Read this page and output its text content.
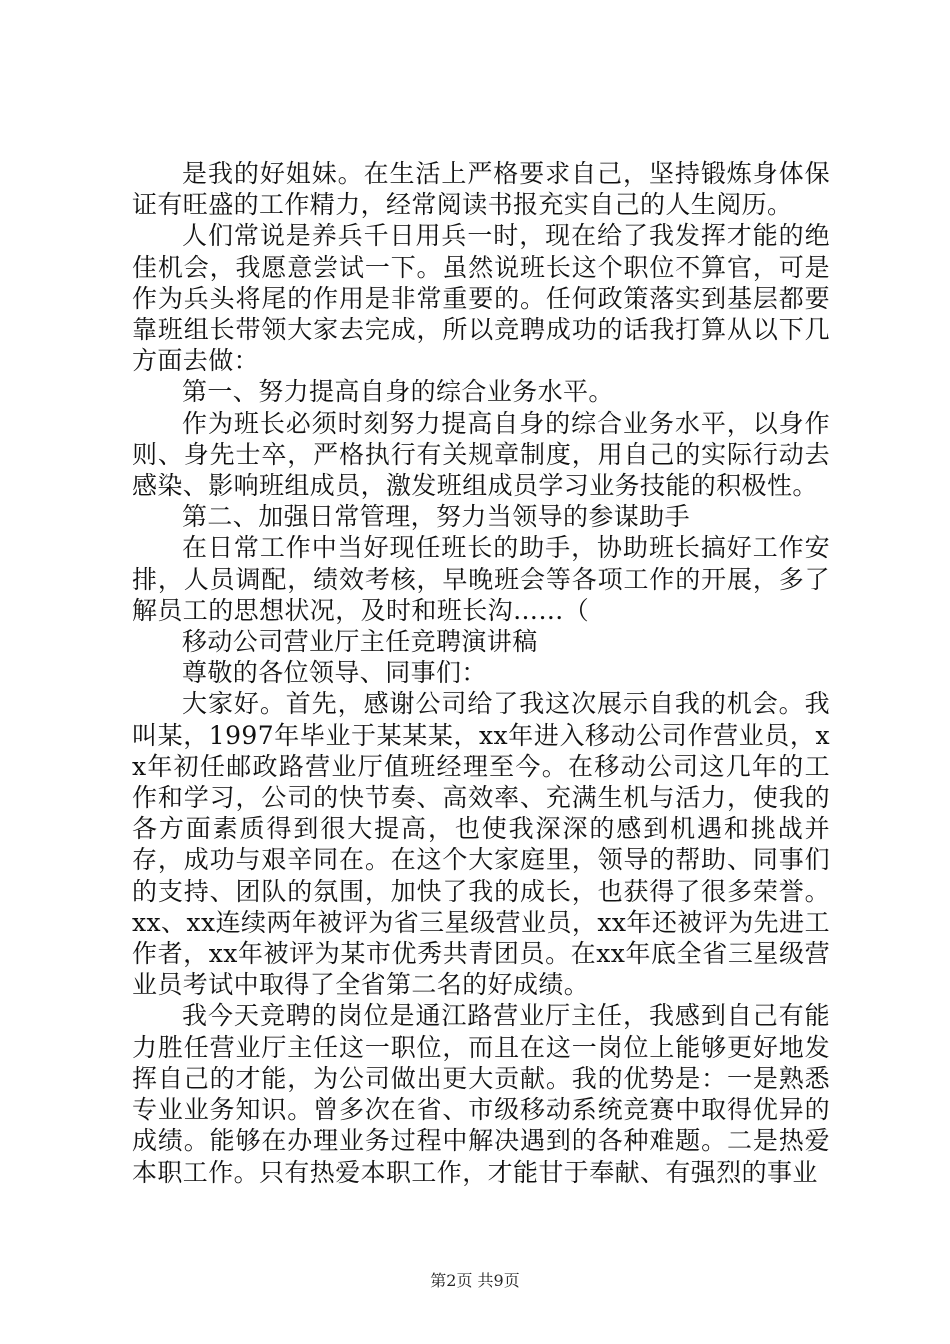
是我的好姐妹。在生活上严格要求自己，坚持锻炼身体保证有旺盛的工作精力，经常阅读书报充实自己的人生阅历。

人们常说是养兵千日用兵一时，现在给了我发挥才能的绝佳机会，我愿意尝试一下。虽然说班长这个职位不算官，可是作为兵头将尾的作用是非常重要的。任何政策落实到基层都要靠班组长带领大家去完成，所以竞聘成功的话我打算从以下几方面去做：

第一、努力提高自身的综合业务水平。

作为班长必须时刻努力提高自身的综合业务水平，以身作则、身先士卒，严格执行有关规章制度，用自己的实际行动去感染、影响班组成员，激发班组成员学习业务技能的积极性。

第二、加强日常管理，努力当领导的参谋助手

在日常工作中当好现任班长的助手，协助班长搞好工作安排，人员调配，绩效考核，早晚班会等各项工作的开展，多了解员工的思想状况，及时和班长沟……（

移动公司营业厅主任竞聘演讲稿

尊敬的各位领导、同事们：

大家好。首先，感谢公司给了我这次展示自我的机会。我叫某，1997年毕业于某某某，xx年进入移动公司作营业员，xx年初任邮政路营业厅值班经理至今。在移动公司这几年的工作和学习，公司的快节奏、高效率、充满生机与活力，使我的各方面素质得到很大提高，也使我深深的感到机遇和挑战并存，成功与艰辛同在。在这个大家庭里，领导的帮助、同事们的支持、团队的氛围，加快了我的成长，也获得了很多荣誉。xx、xx连续两年被评为省三星级营业员，xx年还被评为先进工作者，xx年被评为某市优秀共青团员。在xx年底全省三星级营业员考试中取得了全省第二名的好成绩。

我今天竞聘的岗位是通江路营业厅主任，我感到自己有能力胜任营业厅主任这一职位，而且在这一岗位上能够更好地发挥自己的才能，为公司做出更大贡献。我的优势是：一是熟悉专业业务知识。曾多次在省、市级移动系统竞赛中取得优异的成绩。能够在办理业务过程中解决遇到的各种难题。二是热爱本职工作。只有热爱本职工作，才能甘于奉献、有强烈的事业

第2页 共9页
